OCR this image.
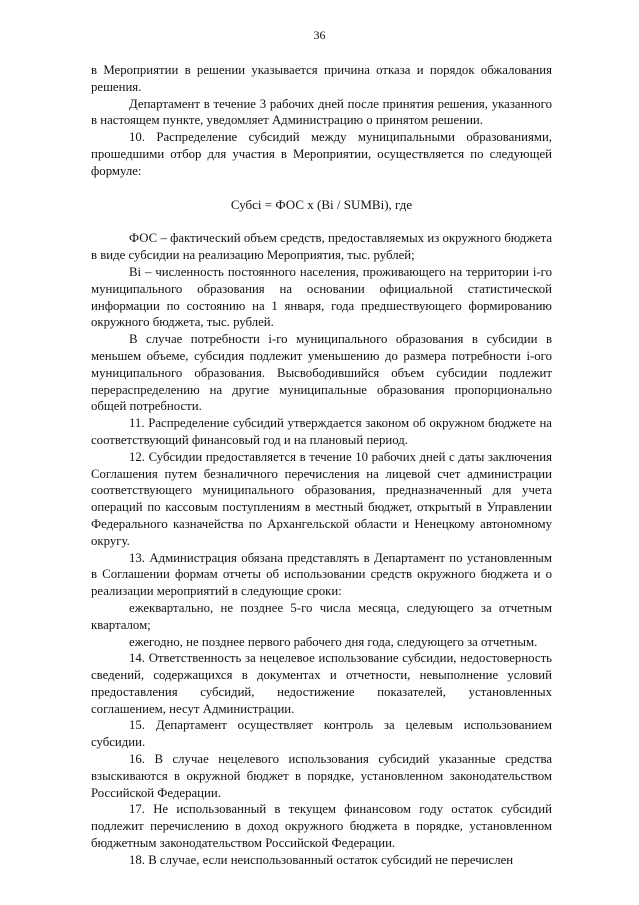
36

в Мероприятии в решении указывается причина отказа и порядок обжалования решения.

Департамент в течение 3 рабочих дней после принятия решения, указанного в настоящем пункте, уведомляет Администрацию о принятом решении.

10. Распределение субсидий между муниципальными образованиями, прошедшими отбор для участия в Мероприятии, осуществляется по следующей формуле:

Субсi = ФОС х (Вi / SUMВi), где

ФОС – фактический объем средств, предоставляемых из окружного бюджета в виде субсидии на реализацию Мероприятия, тыс. рублей;

Вi – численность постоянного населения, проживающего на территории i-го муниципального образования на основании официальной статистической информации по состоянию на 1 января, года предшествующего формированию окружного бюджета, тыс. рублей.

В случае потребности i-го муниципального образования в субсидии в меньшем объеме, субсидия подлежит уменьшению до размера потребности i-ого муниципального образования. Высвободившийся объем субсидии подлежит перераспределению на другие муниципальные образования пропорционально общей потребности.

11. Распределение субсидий утверждается законом об окружном бюджете на соответствующий финансовый год и на плановый период.

12. Субсидии предоставляется в течение 10 рабочих дней с даты заключения Соглашения путем безналичного перечисления на лицевой счет администрации соответствующего муниципального образования, предназначенный для учета операций по кассовым поступлениям в местный бюджет, открытый в Управлении Федерального казначейства по Архангельской области и Ненецкому автономному округу.

13. Администрация обязана представлять в Департамент по установленным в Соглашении формам отчеты об использовании средств окружного бюджета и о реализации мероприятий в следующие сроки:

ежеквартально, не позднее 5-го числа месяца, следующего за отчетным кварталом;

ежегодно, не позднее первого рабочего дня года, следующего за отчетным.

14. Ответственность за нецелевое использование субсидии, недостоверность сведений, содержащихся в документах и отчетности, невыполнение условий предоставления субсидий, недостижение показателей, установленных соглашением, несут Администрации.

15. Департамент осуществляет контроль за целевым использованием субсидии.

16. В случае нецелевого использования субсидий указанные средства взыскиваются в окружной бюджет в порядке, установленном законодательством Российской Федерации.

17. Не использованный в текущем финансовом году остаток субсидий подлежит перечислению в доход окружного бюджета в порядке, установленном бюджетным законодательством Российской Федерации.

18. В случае, если неиспользованный остаток субсидий не перечислен
